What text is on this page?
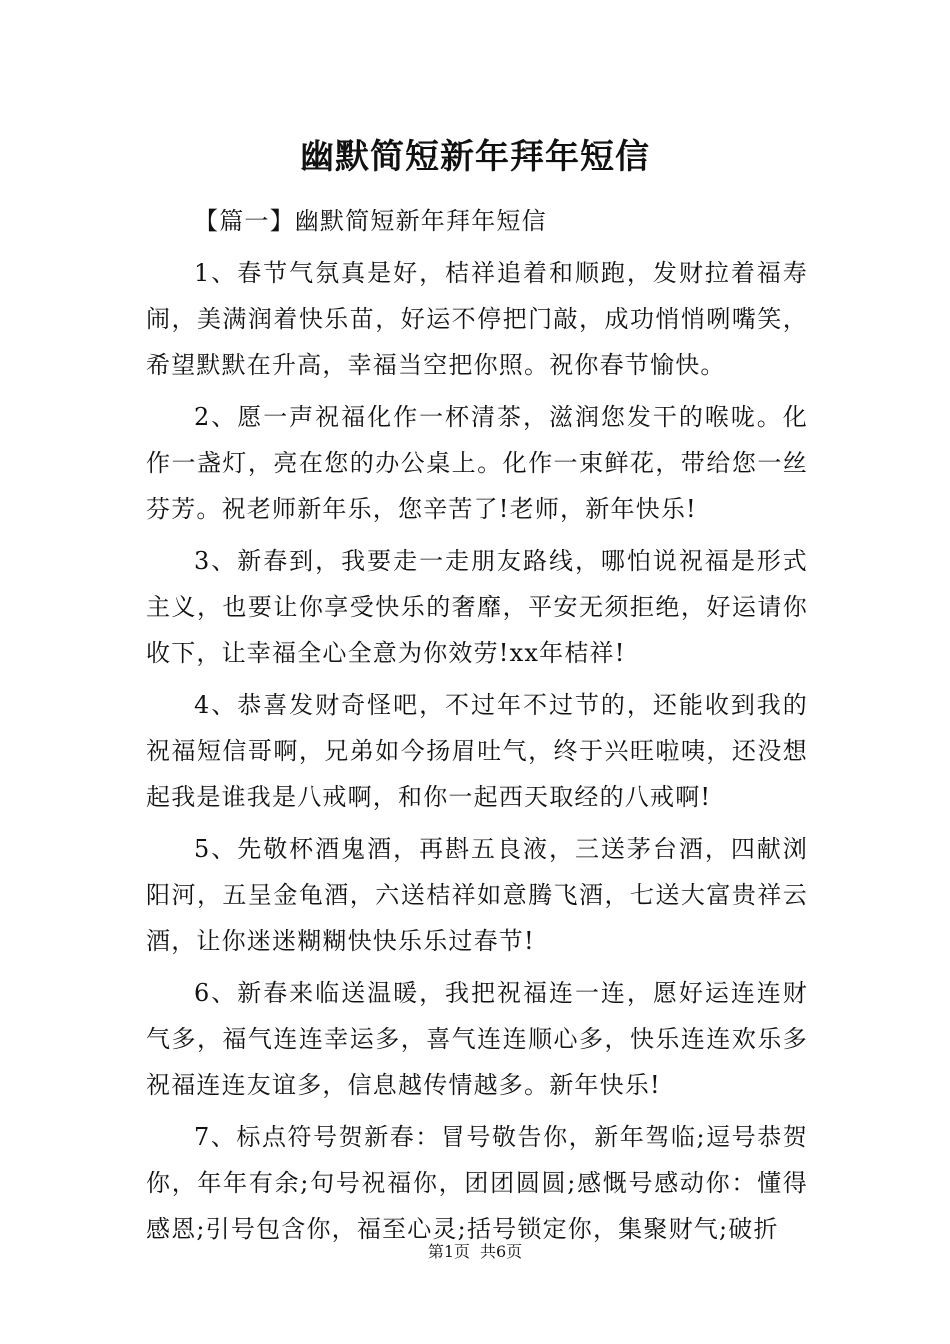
幽默简短新年拜年短信

【篇一】幽默简短新年拜年短信

1、春节气氛真是好，桔祥追着和顺跑，发财拉着福寿闹，美满润着快乐苗，好运不停把门敲，成功悄悄咧嘴笑，希望默默在升高，幸福当空把你照。祝你春节愉快。

2、愿一声祝福化作一杯清茶，滋润您发干的喉咙。化作一盏灯，亮在您的办公桌上。化作一束鲜花，带给您一丝芬芳。祝老师新年乐，您辛苦了!老师，新年快乐!

3、新春到，我要走一走朋友路线，哪怕说祝福是形式主义，也要让你享受快乐的奢靡，平安无须拒绝，好运请你收下，让幸福全心全意为你效劳!xx年桔祥!

4、恭喜发财奇怪吧，不过年不过节的，还能收到我的祝福短信哥啊，兄弟如今扬眉吐气，终于兴旺啦咦，还没想起我是谁我是八戒啊，和你一起西天取经的八戒啊!

5、先敬杯酒鬼酒，再斟五良液，三送茅台酒，四献浏阳河，五呈金龟酒，六送桔祥如意腾飞酒，七送大富贵祥云酒，让你迷迷糊糊快快乐乐过春节!

6、新春来临送温暖，我把祝福连一连，愿好运连连财气多，福气连连幸运多，喜气连连顺心多，快乐连连欢乐多祝福连连友谊多，信息越传情越多。新年快乐!

7、标点符号贺新春：冒号敬告你，新年驾临;逗号恭贺你，年年有余;句号祝福你，团团圆圆;感慨号感动你：懂得感恩;引号包含你，福至心灵;括号锁定你，集聚财气;破折

第1页 共6页
